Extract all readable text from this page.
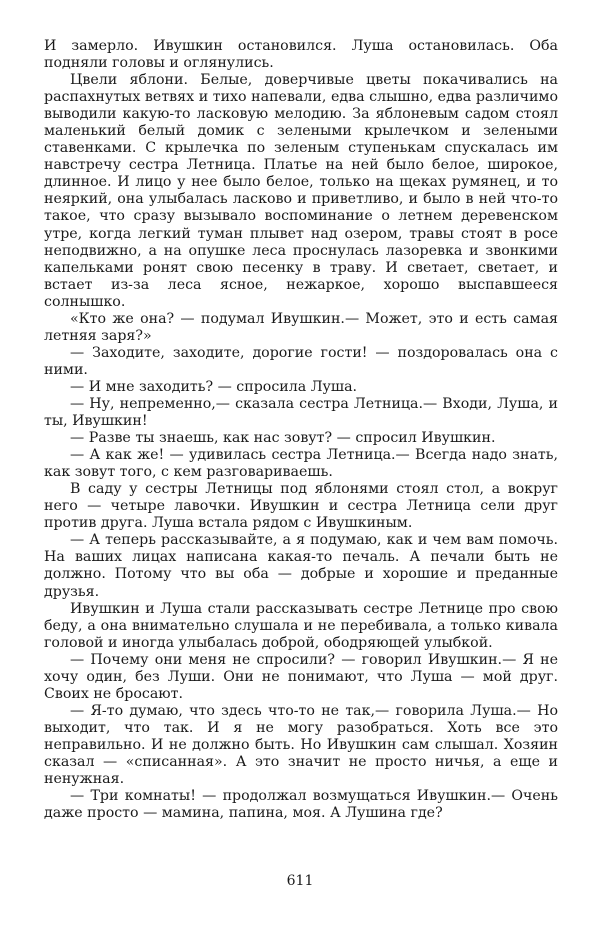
И замерло. Ивушкин остановился. Луша остановилась. Оба подняли головы и оглянулись.

Цвели яблони. Белые, доверчивые цветы покачивались на распахнутых ветвях и тихо напевали, едва слышно, едва различимо выводили какую-то ласковую мелодию. За яблоневым садом стоял маленький белый домик с зелеными крылечком и зелеными ставенками. С крылечка по зеленым ступенькам спускалась им навстречу сестра Летница. Платье на ней было белое, широкое, длинное. И лицо у нее было белое, только на щеках румянец, и то неяркий, она улыбалась ласково и приветливо, и было в ней что-то такое, что сразу вызывало воспоминание о летнем деревенском утре, когда легкий туман плывет над озером, травы стоят в росе неподвижно, а на опушке леса проснулась лазоревка и звонкими капельками ронят свою песенку в траву. И светает, светает, и встает из-за леса ясное, нежаркое, хорошо выспавшееся солнышко.

«Кто же она? — подумал Ивушкин.— Может, это и есть самая летняя заря?»

— Заходите, заходите, дорогие гости! — поздоровалась она с ними.

— И мне заходить? — спросила Луша.

— Ну, непременно,— сказала сестра Летница.— Входи, Луша, и ты, Ивушкин!

— Разве ты знаешь, как нас зовут? — спросил Ивушкин.

— А как же! — удивилась сестра Летница.— Всегда надо знать, как зовут того, с кем разговариваешь.

В саду у сестры Летницы под яблонями стоял стол, а вокруг него — четыре лавочки. Ивушкин и сестра Летница сели друг против друга. Луша встала рядом с Ивушкиным.

— А теперь рассказывайте, а я подумаю, как и чем вам помочь. На ваших лицах написана какая-то печаль. А печали быть не должно. Потому что вы оба — добрые и хорошие и преданные друзья.

Ивушкин и Луша стали рассказывать сестре Летнице про свою беду, а она внимательно слушала и не перебивала, а только кивала головой и иногда улыбалась доброй, ободряющей улыбкой.

— Почему они меня не спросили? — говорил Ивушкин.— Я не хочу один, без Луши. Они не понимают, что Луша — мой друг. Своих не бросают.

— Я-то думаю, что здесь что-то не так,— говорила Луша.— Но выходит, что так. И я не могу разобраться. Хоть все это неправильно. И не должно быть. Но Ивушкин сам слышал. Хозяин сказал — «списанная». А это значит не просто ничья, а еще и ненужная.

— Три комнаты! — продолжал возмущаться Ивушкин.— Очень даже просто — мамина, папина, моя. А Лушина где?

611
